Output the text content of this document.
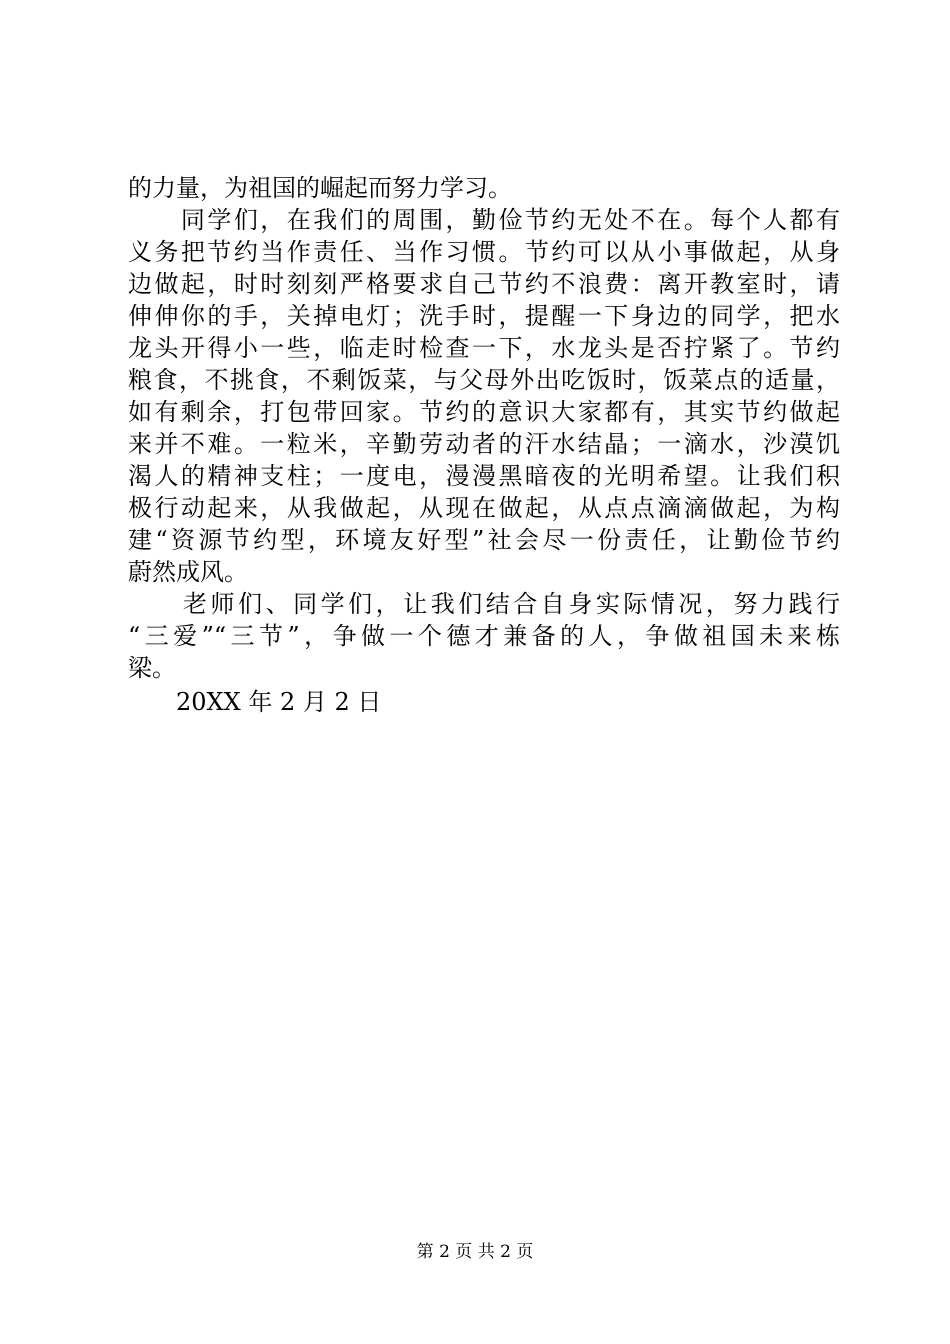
的力量，为祖国的崛起而努力学习。
　　同学们，在我们的周围，勤俭节约无处不在。每个人都有
义务把节约当作责任、当作习惯。节约可以从小事做起，从身
边做起，时时刻刻严格要求自己节约不浪费：离开教室时，请
伸伸你的手，关掉电灯；洗手时，提醒一下身边的同学，把水
龙头开得小一些，临走时检查一下，水龙头是否拧紧了。节约
粮食，不挑食，不剩饭菜，与父母外出吃饭时，饭菜点的适量，
如有剩余，打包带回家。节约的意识大家都有，其实节约做起
来并不难。一粒米，辛勤劳动者的汗水结晶；一滴水，沙漠饥
渴人的精神支柱；一度电，漫漫黑暗夜的光明希望。让我们积
极行动起来，从我做起，从现在做起，从点点滴滴做起，为构
建“资源节约型，环境友好型”社会尽一份责任，让勤俭节约
蔚然成风。
　　老师们、同学们，让我们结合自身实际情况，努力践行
“三爱”“三节”，争做一个德才兼备的人，争做祖国未来栋
梁。
　　20XX 年 2 月 2 日
第 2 页 共 2 页
